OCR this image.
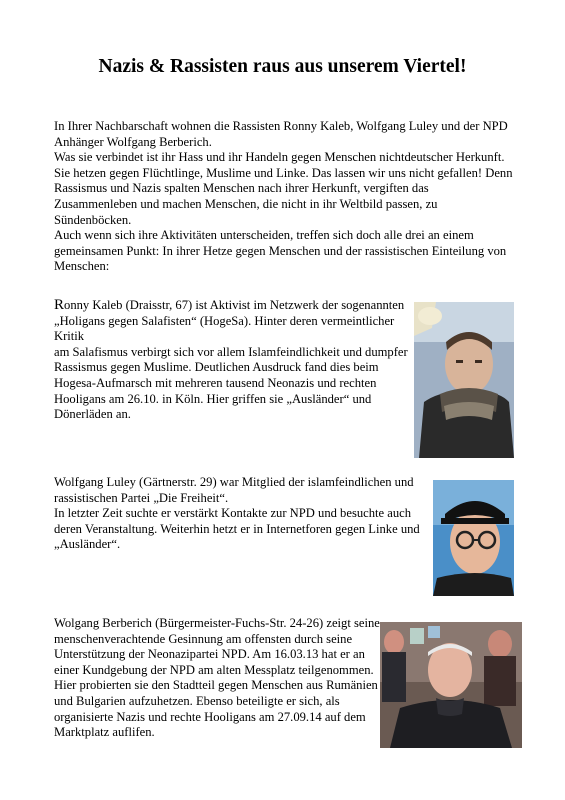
Nazis & Rassisten raus aus unserem Viertel!

In Ihrer Nachbarschaft wohnen die Rassisten Ronny Kaleb, Wolfgang Luley und der NPD Anhänger Wolfgang Berberich.

Was sie verbindet ist ihr Hass und ihr Handeln gegen Menschen nichtdeutscher Herkunft. Sie hetzen gegen Flüchtlinge, Muslime und Linke. Das lassen wir uns nicht gefallen! Denn Rassismus und Nazis spalten Menschen nach ihrer Herkunft, vergiften das Zusammenleben und machen Menschen, die nicht in ihr Weltbild passen, zu Sündenböcken.

Auch wenn sich ihre Aktivitäten unterscheiden, treffen sich doch alle drei an einem gemeinsamen Punkt: In ihrer Hetze gegen Menschen und der rassistischen Einteilung von Menschen:

Ronny Kaleb (Draisstr, 67) ist Aktivist im Netzwerk der sogenannten „Holigans gegen Salafisten“ (HogeSa). Hinter deren vermeintlicher Kritik

am Salafismus verbirgt sich vor allem Islamfeindlichkeit und dumpfer Rassismus gegen Muslime. Deutlichen Ausdruck fand dies beim Hogesa-Aufmarsch mit mehreren tausend Neonazis und rechten Hooligans am 26.10. in Köln. Hier griffen sie „Ausländer“ und Dönerläden an.

Wolfgang Luley (Gärtnerstr. 29) war Mitglied der islamfeindlichen und rassistischen Partei „Die Freiheit“.

In letzter Zeit suchte er verstärkt Kontakte zur NPD und besuchte auch deren Veranstaltung. Weiterhin hetzt er in Internetforen gegen Linke und „Ausländer“.

Wolgang Berberich (Bürgermeister-Fuchs-Str. 24-26) zeigt seine menschenverachtende Gesinnung am offensten durch seine Unterstützung der Neonazipartei NPD. Am 16.03.13 hat er an einer Kundgebung der NPD am alten Messplatz teilgenommen. Hier probierten sie den Stadtteil gegen Menschen aus Rumänien und Bulgarien aufzuhetzen. Ebenso beteiligte er sich, als organisierte Nazis und rechte Hooligans am 27.09.14 auf dem Marktplatz auflifen.
